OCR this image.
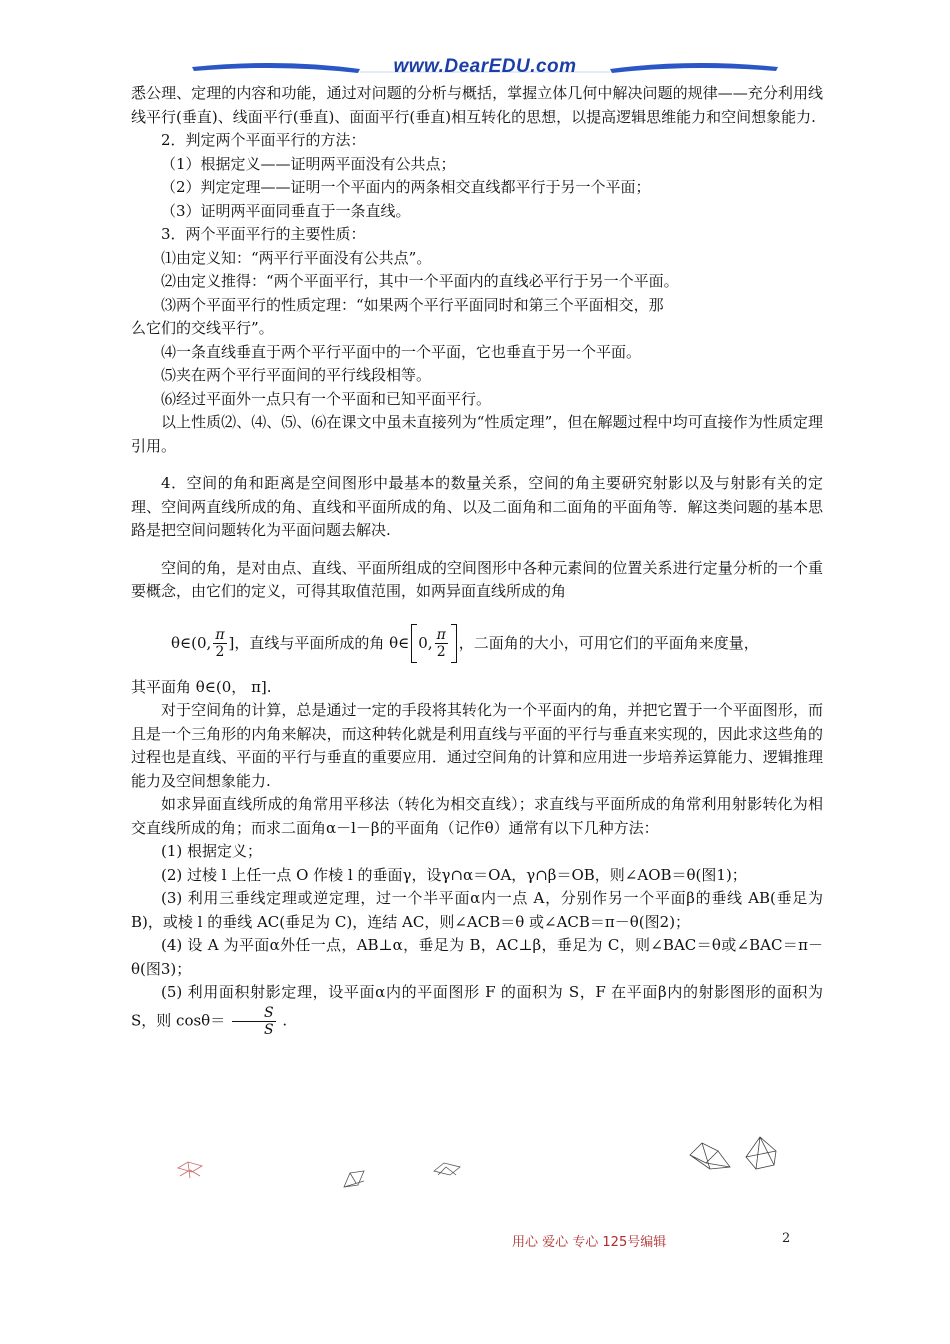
www.DearEDU.com

悉公理、定理的内容和功能，通过对问题的分析与概括，掌握立体几何中解决问题的规律——充分利用线线平行(垂直)、线面平行(垂直)、面面平行(垂直)相互转化的思想，以提高逻辑思维能力和空间想象能力.

2．判定两个平面平行的方法：

（1）根据定义——证明两平面没有公共点；

（2）判定定理——证明一个平面内的两条相交直线都平行于另一个平面；

（3）证明两平面同垂直于一条直线。

3．两个平面平行的主要性质：

⑴由定义知：“两平行平面没有公共点”。

⑵由定义推得：“两个平面平行，其中一个平面内的直线必平行于另一个平面。

⑶两个平面平行的性质定理：“如果两个平行平面同时和第三个平面相交，那

么它们的交线平行”。

⑷一条直线垂直于两个平行平面中的一个平面，它也垂直于另一个平面。

⑸夹在两个平行平面间的平行线段相等。

⑹经过平面外一点只有一个平面和已知平面平行。

以上性质⑵、⑷、⑸、⑹在课文中虽未直接列为“性质定理”，但在解题过程中均可直接作为性质定理引用。

4．空间的角和距离是空间图形中最基本的数量关系，空间的角主要研究射影以及与射影有关的定理、空间两直线所成的角、直线和平面所成的角、以及二面角和二面角的平面角等．解这类问题的基本思路是把空间问题转化为平面问题去解决.

空间的角，是对由点、直线、平面所组成的空间图形中各种元素间的位置关系进行定量分析的一个重要概念，由它们的定义，可得其取值范围，如两异面直线所成的角

θ∈(0, $\frac{\pi}{2}$ ] ，直线与平面所成的角 θ∈ 0, $\frac{\pi}{2}$ ，二面角的大小，可用它们的平面角来度量，

其平面角 θ∈(0， π].

对于空间角的计算，总是通过一定的手段将其转化为一个平面内的角，并把它置于一个平面图形，而且是一个三角形的内角来解决，而这种转化就是利用直线与平面的平行与垂直来实现的，因此求这些角的过程也是直线、平面的平行与垂直的重要应用．通过空间角的计算和应用进一步培养运算能力、逻辑推理能力及空间想象能力.

如求异面直线所成的角常用平移法（转化为相交直线）；求直线与平面所成的角常利用射影转化为相交直线所成的角；而求二面角α－l－β的平面角（记作θ）通常有以下几种方法：

(1) 根据定义；

(2) 过棱 l 上任一点 O 作棱 l 的垂面γ，设γ∩α＝OA，γ∩β＝OB，则∠AOB＝θ(图1)；

(3) 利用三垂线定理或逆定理，过一个半平面α内一点 A，分别作另一个平面β的垂线 AB(垂足为 B)，或棱 l 的垂线 AC(垂足为 C)，连结 AC，则∠ACB＝θ 或∠ACB＝π－θ(图2)；

(4) 设 A 为平面α外任一点，AB⊥α，垂足为 B，AC⊥β，垂足为 C，则∠BAC＝θ或∠BAC＝π－θ(图3)；

(5) 利用面积射影定理，设平面α内的平面图形 F 的面积为 S，F 在平面β内的射影图形的面积为 S，则 $\cos\theta= \frac{S}{S}$ .

用心 爱心 专心 125号编辑	2
